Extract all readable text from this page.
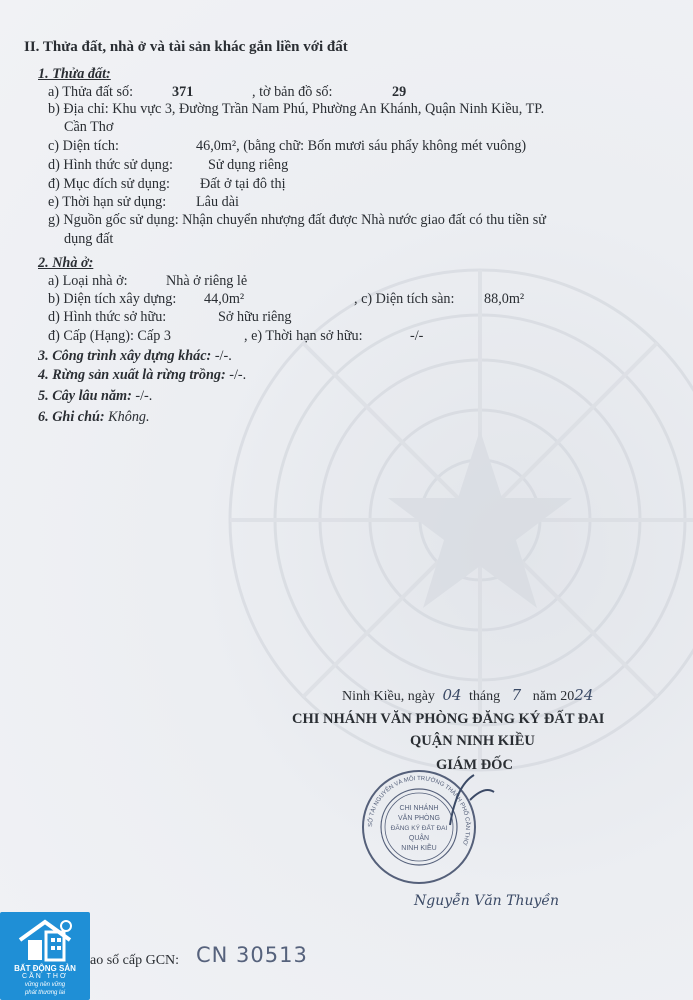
II. Thửa đất, nhà ở và tài sản khác gắn liền với đất
1. Thửa đất:
a) Thửa đất số:	371	, tờ bản đồ số:	29
b) Địa chỉ: Khu vực 3, Đường Trần Nam Phú, Phường An Khánh, Quận Ninh Kiều, TP.
Cần Thơ
c) Diện tích:	46,0m², (bằng chữ: Bốn mươi sáu phẩy không mét vuông)
d) Hình thức sử dụng: Sử dụng riêng
đ) Mục đích sử dụng: Đất ở tại đô thị
e) Thời hạn sử dụng: Lâu dài
g) Nguồn gốc sử dụng: Nhận chuyển nhượng đất được Nhà nước giao đất có thu tiền sử
dụng đất
2. Nhà ở:
a) Loại nhà ở:	Nhà ở riêng lẻ
b) Diện tích xây dựng: 44,0m²	, c) Diện tích sàn: 88,0m²
d) Hình thức sở hữu:	Sở hữu riêng
đ) Cấp (Hạng): Cấp 3	, e) Thời hạn sở hữu:	-/-
3. Công trình xây dựng khác: -/-.
4. Rừng sản xuất là rừng trồng: -/-.
5. Cây lâu năm: -/-.
6. Ghi chú: Không.
Ninh Kiều, ngày 04 tháng 7 năm 2024
CHI NHÁNH VĂN PHÒNG ĐĂNG KÝ ĐẤT ĐAI
QUẬN NINH KIỀU
GIÁM ĐỐC
CHI NHÁNH
VĂN PHÒNG
ĐĂNG KÝ ĐẤT ĐAI
QUẬN
NINH KIỀU
SỞ TÀI NGUYÊN VÀ MÔI TRƯỜNG THÀNH PHỐ CẦN THƠ
Nguyễn Văn Thuyền
ao số cấp GCN: CN 30513
BẤT ĐỘNG SẢN
CẦN THƠ
vững nền vững
phát thương lai
